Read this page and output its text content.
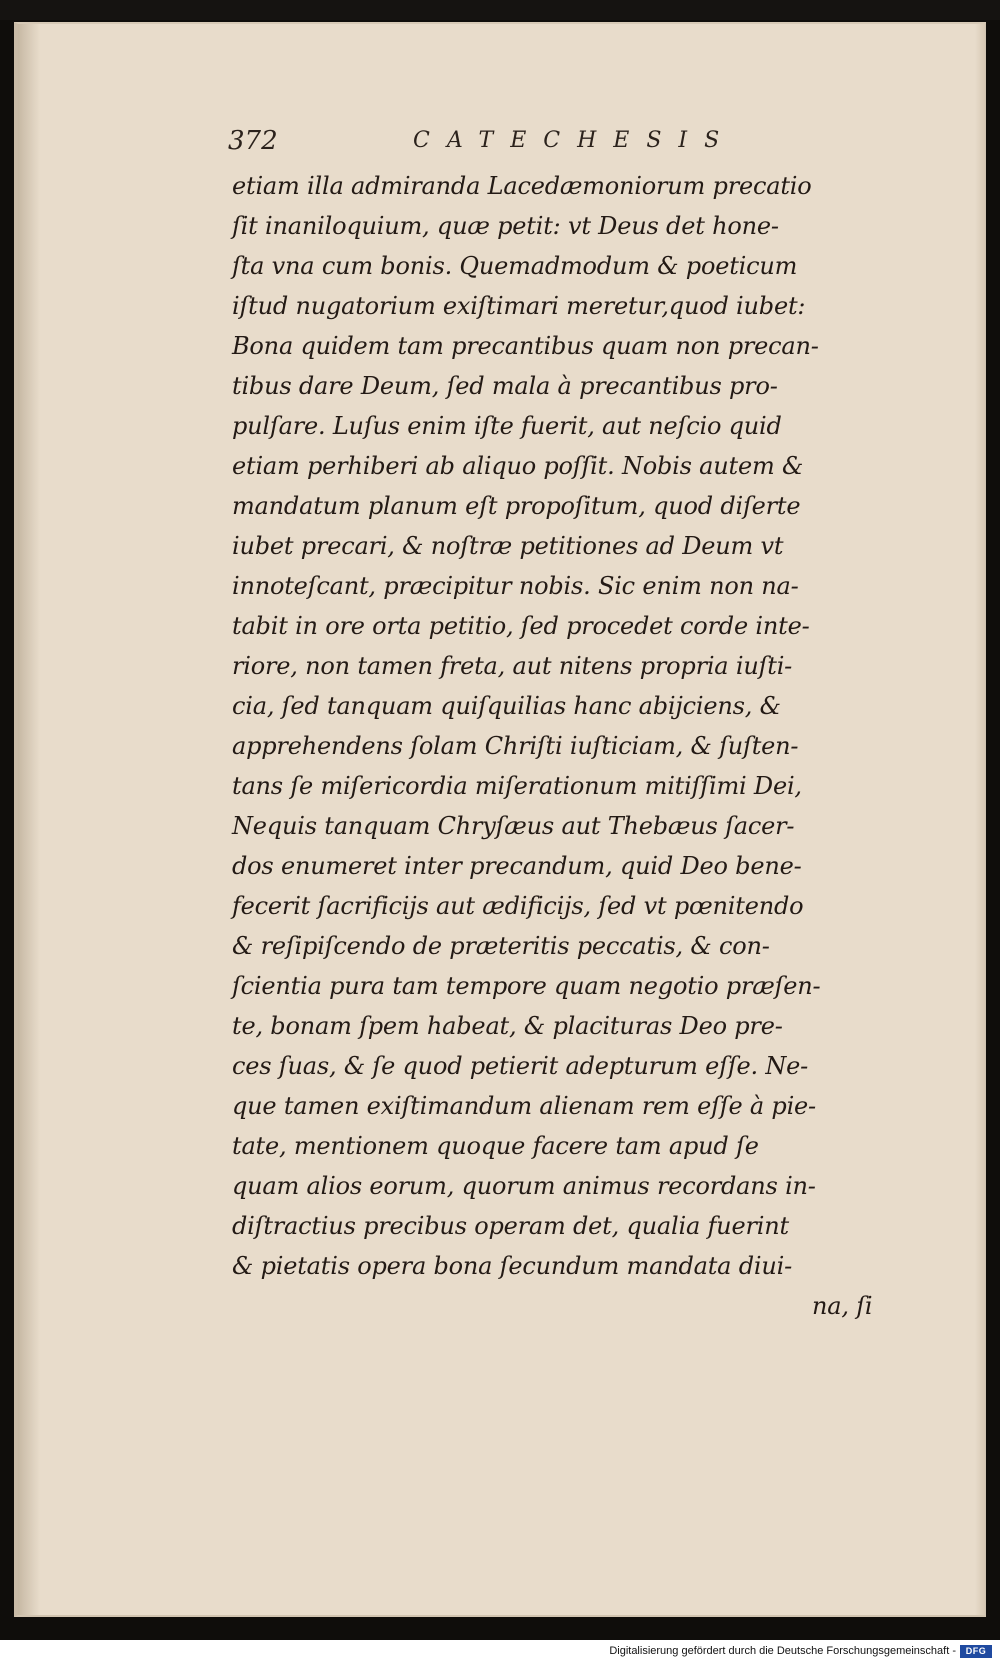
372	CATECHESIS
etiam illa admiranda Lacedæmoniorum precatio
ſit inaniloquium, quæ petit: vt Deus det hone-
ſta vna cum bonis. Quemadmodum & poeticum
iſtud nugatorium exiſtimari meretur,quod iubet:
Bona quidem tam precantibus quam non precan-
tibus dare Deum, ſed mala à precantibus pro-
pulſare. Luſus enim iſte fuerit, aut neſcio quid
etiam perhiberi ab aliquo poſſit. Nobis autem &
mandatum planum eſt propoſitum, quod diſerte
iubet precari, & noſtræ petitiones ad Deum vt
innoteſcant, præcipitur nobis. Sic enim non na-
tabit in ore orta petitio, ſed procedet corde inte-
riore, non tamen freta, aut nitens propria iuſti-
cia, ſed tanquam quiſquilias hanc abijciens, &
apprehendens ſolam Chriſti iuſticiam, & ſuſten-
tans ſe miſericordia miſerationum mitiſſimi Dei,
Nequis tanquam Chryſæus aut Thebæus ſacer-
dos enumeret inter precandum, quid Deo bene-
fecerit ſacrificijs aut ædificijs, ſed vt pœnitendo
& reſipiſcendo de præteritis peccatis, & con-
ſcientia pura tam tempore quam negotio præſen-
te, bonam ſpem habeat, & placituras Deo pre-
ces ſuas, & ſe quod petierit adepturum eſſe. Ne-
que tamen exiſtimandum alienam rem eſſe à pie-
tate, mentionem quoque facere tam apud ſe
quam alios eorum, quorum animus recordans in-
diſtractius precibus operam det, qualia fuerint
& pietatis opera bona ſecundum mandata diui-
na, ſi
Digitalisierung gefördert durch die Deutsche Forschungsgemeinschaft -	DFG
